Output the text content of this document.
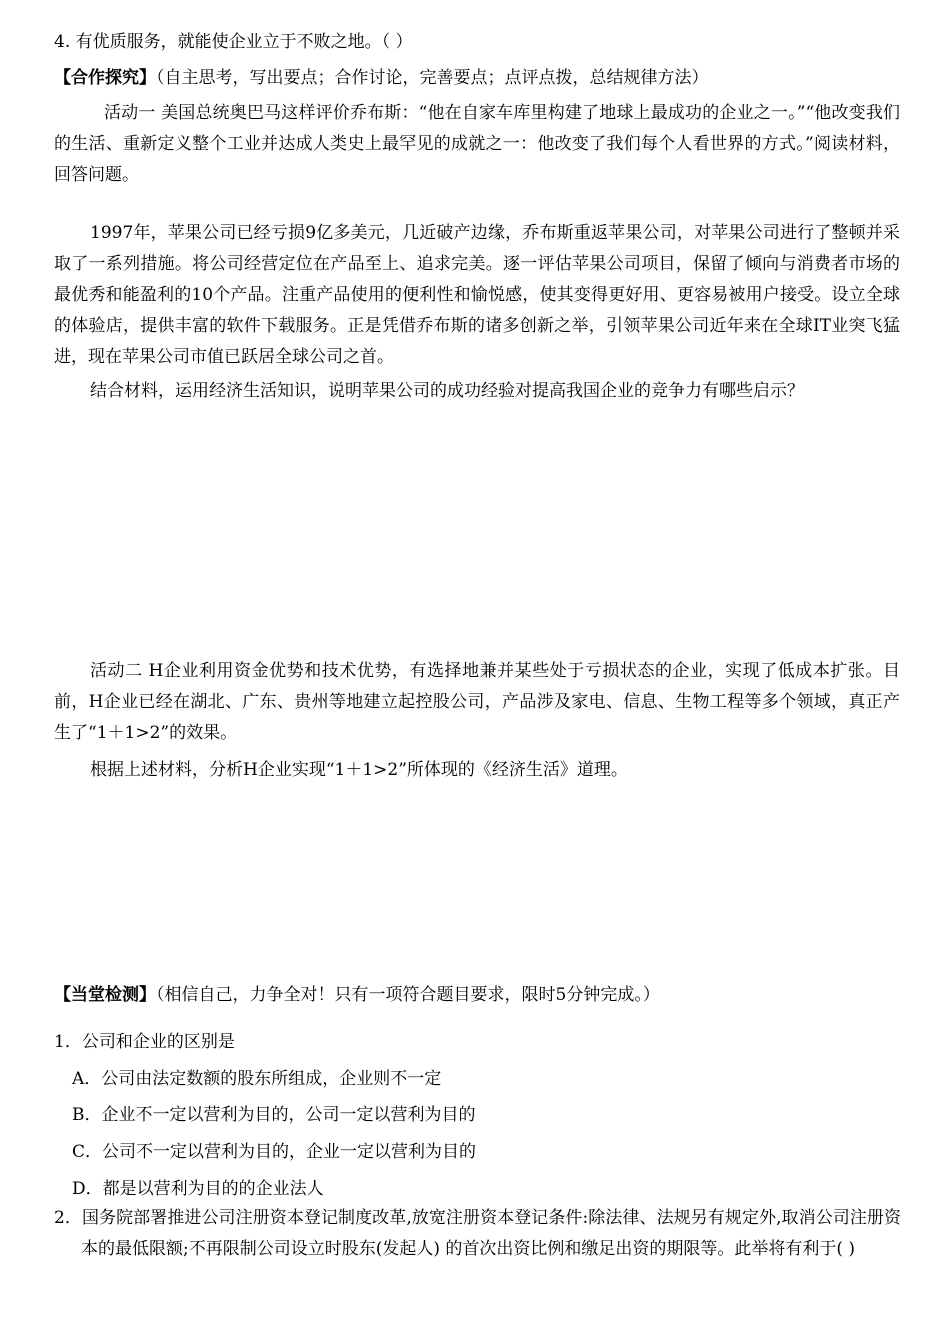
4. 有优质服务，就能使企业立于不败之地。（ ）
【合作探究】（自主思考，写出要点；合作讨论，完善要点；点评点拨，总结规律方法）
活动一 美国总统奥巴马这样评价乔布斯：“他在自家车库里构建了地球上最成功的企业之一。”“他改变我们的生活、重新定义整个工业并达成人类史上最罕见的成就之一：他改变了我们每个人看世界的方式。”阅读材料，回答问题。
1997年，苹果公司已经亏损9亿多美元，几近破产边缘，乔布斯重返苹果公司，对苹果公司进行了整顿并采取了一系列措施。将公司经营定位在产品至上、追求完美。逐一评估苹果公司项目，保留了倾向与消费者市场的最优秀和能盈利的10个产品。注重产品使用的便利性和愉悦感，使其变得更好用、更容易被用户接受。设立全球的体验店，提供丰富的软件下载服务。正是凭借乔布斯的诸多创新之举，引领苹果公司近年来在全球IT业突飞猛进，现在苹果公司市值已跃居全球公司之首。
结合材料，运用经济生活知识，说明苹果公司的成功经验对提高我国企业的竞争力有哪些启示？
活动二 H企业利用资金优势和技术优势，有选择地兼并某些处于亏损状态的企业，实现了低成本扩张。目前，H企业已经在湖北、广东、贵州等地建立起控股公司，产品涉及家电、信息、生物工程等多个领域，真正产生了“1＋1>2”的效果。
根据上述材料，分析H企业实现“1＋1>2”所体现的《经济生活》道理。
【当堂检测】（相信自己，力争全对！只有一项符合题目要求，限时5分钟完成。）
1．公司和企业的区别是
A．公司由法定数额的股东所组成，企业则不一定
B．企业不一定以营利为目的，公司一定以营利为目的
C．公司不一定以营利为目的，企业一定以营利为目的
D．都是以营利为目的的企业法人
2．国务院部署推进公司注册资本登记制度改革,放宽注册资本登记条件:除法律、法规另有规定外,取消公司注册资本的最低限额;不再限制公司设立时股东(发起人) 的首次出资比例和缴足出资的期限等。此举将有利于( )
